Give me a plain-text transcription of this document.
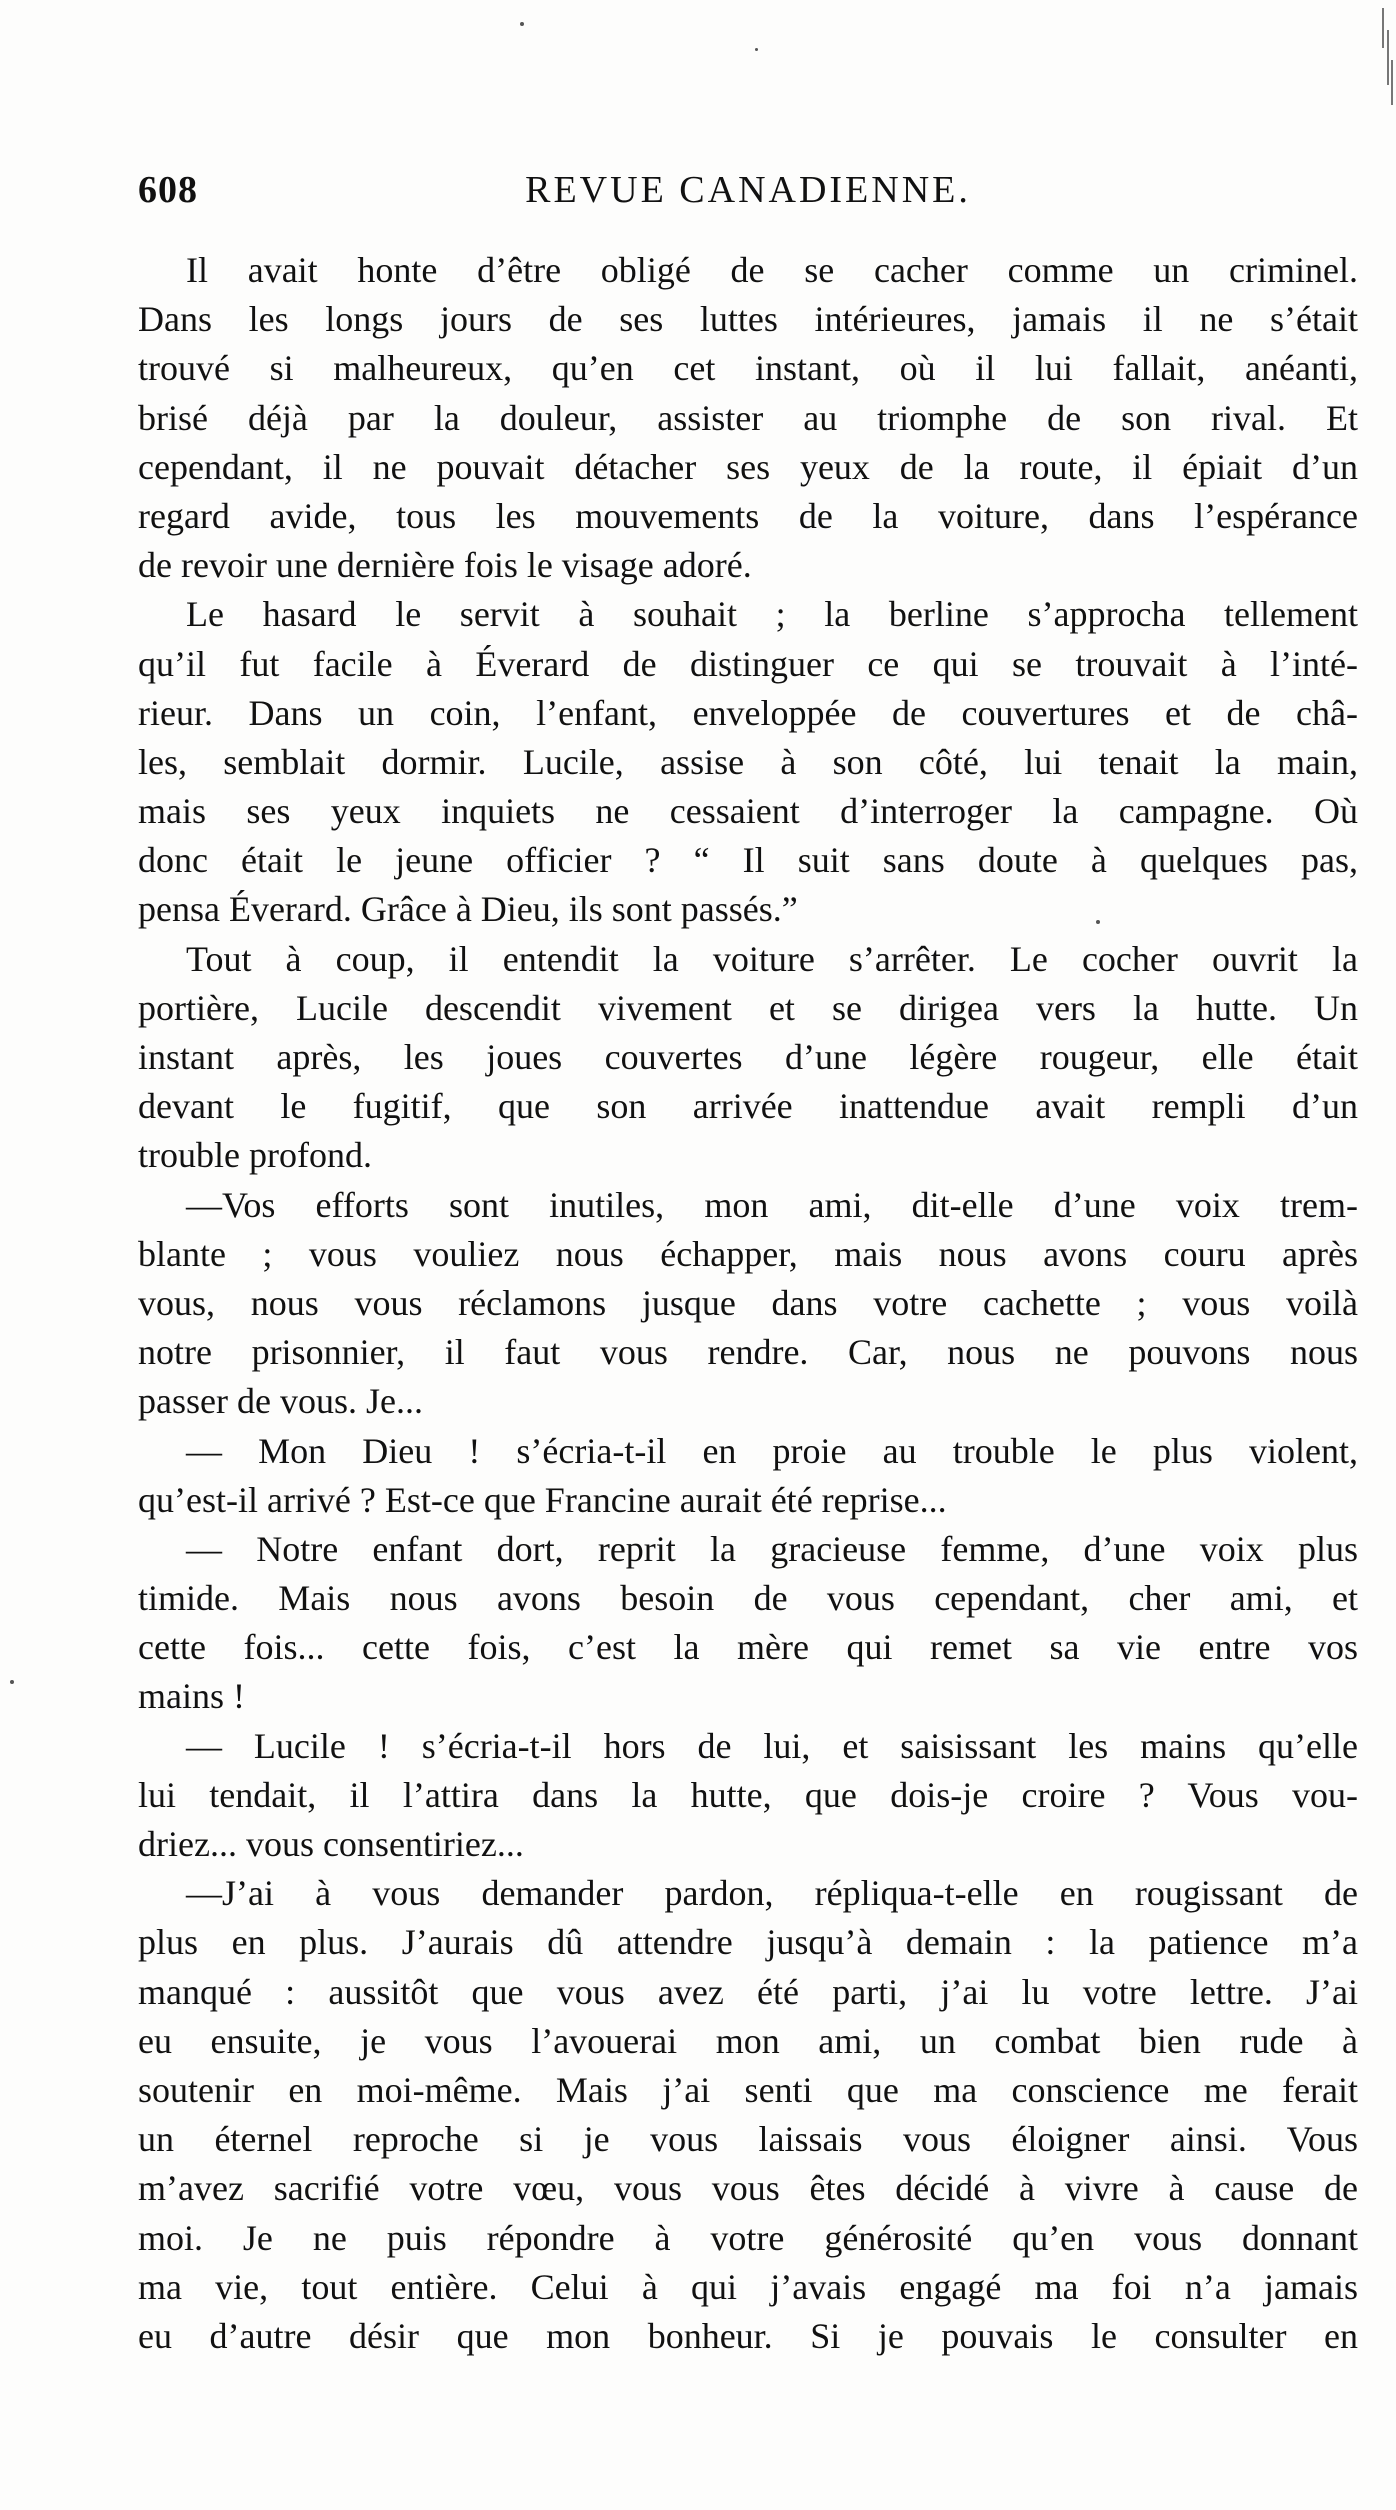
608	REVUE CANADIENNE.
Il avait honte d’être obligé de se cacher comme un criminel.
Dans les longs jours de ses luttes intérieures, jamais il ne s’était
trouvé si malheureux, qu’en cet instant, où il lui fallait, anéanti,
brisé déjà par la douleur, assister au triomphe de son rival. Et
cependant, il ne pouvait détacher ses yeux de la route, il épiait d’un
regard avide, tous les mouvements de la voiture, dans l’espérance
de revoir une dernière fois le visage adoré.
Le hasard le servit à souhait ; la berline s’approcha tellement
qu’il fut facile à Éverard de distinguer ce qui se trouvait à l’inté-
rieur. Dans un coin, l’enfant, enveloppée de couvertures et de châ-
les, semblait dormir. Lucile, assise à son côté, lui tenait la main,
mais ses yeux inquiets ne cessaient d’interroger la campagne. Où
donc était le jeune officier ? “ Il suit sans doute à quelques pas,
pensa Éverard. Grâce à Dieu, ils sont passés.”
Tout à coup, il entendit la voiture s’arrêter. Le cocher ouvrit la
portière, Lucile descendit vivement et se dirigea vers la hutte. Un
instant après, les joues couvertes d’une légère rougeur, elle était
devant le fugitif, que son arrivée inattendue avait rempli d’un
trouble profond.
—Vos efforts sont inutiles, mon ami, dit-elle d’une voix trem-
blante ; vous vouliez nous échapper, mais nous avons couru après
vous, nous vous réclamons jusque dans votre cachette ; vous voilà
notre prisonnier, il faut vous rendre. Car, nous ne pouvons nous
passer de vous. Je...
— Mon Dieu ! s’écria-t-il en proie au trouble le plus violent,
qu’est-il arrivé ? Est-ce que Francine aurait été reprise...
— Notre enfant dort, reprit la gracieuse femme, d’une voix plus
timide. Mais nous avons besoin de vous cependant, cher ami, et
cette fois... cette fois, c’est la mère qui remet sa vie entre vos
mains !
— Lucile ! s’écria-t-il hors de lui, et saisissant les mains qu’elle
lui tendait, il l’attira dans la hutte, que dois-je croire ? Vous vou-
driez... vous consentiriez...
—J’ai à vous demander pardon, répliqua-t-elle en rougissant de
plus en plus. J’aurais dû attendre jusqu’à demain : la patience m’a
manqué : aussitôt que vous avez été parti, j’ai lu votre lettre. J’ai
eu ensuite, je vous l’avouerai mon ami, un combat bien rude à
soutenir en moi-même. Mais j’ai senti que ma conscience me ferait
un éternel reproche si je vous laissais vous éloigner ainsi. Vous
m’avez sacrifié votre vœu, vous vous êtes décidé à vivre à cause de
moi. Je ne puis répondre à votre générosité qu’en vous donnant
ma vie, tout entière. Celui à qui j’avais engagé ma foi n’a jamais
eu d’autre désir que mon bonheur. Si je pouvais le consulter en
